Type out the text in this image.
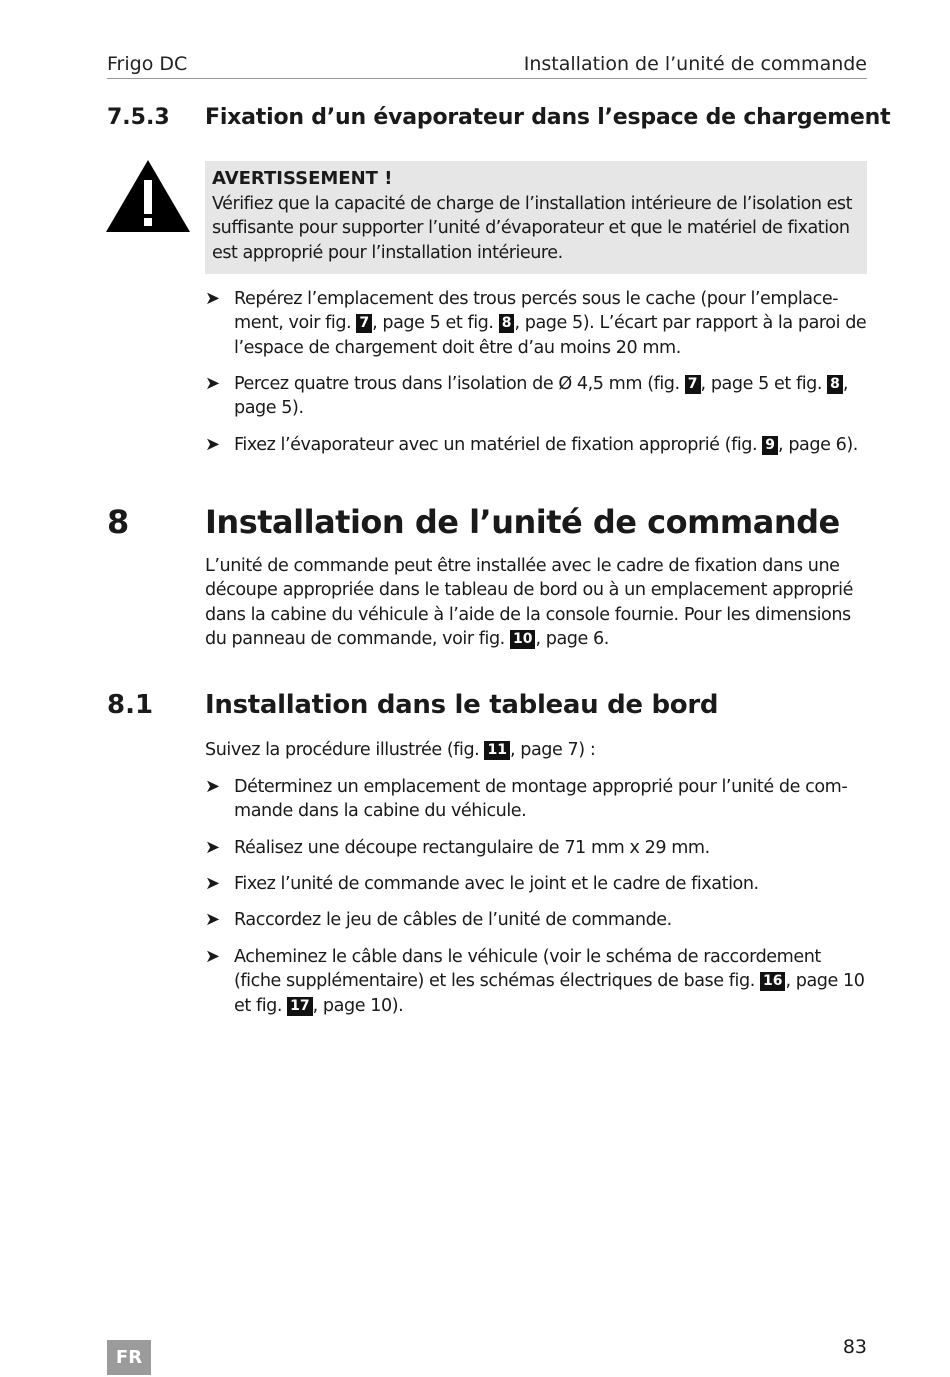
Frigo DC	Installation de l’unité de commande
7.5.3 Fixation d’un évaporateur dans l’espace de chargement
AVERTISSEMENT !
Vérifiez que la capacité de charge de l’installation intérieure de l’isolation est suffisante pour supporter l’unité d’évaporateur et que le matériel de fixation est approprié pour l’installation intérieure.
➤ Repérez l’emplacement des trous percés sous le cache (pour l’emplace-ment, voir fig. 7 , page 5 et fig. 8 , page 5). L’écart par rapport à la paroi de l’espace de chargement doit être d’au moins 20 mm.
➤ Percez quatre trous dans l’isolation de Ø 4,5 mm (fig. 7 , page 5 et fig. 8 , page 5).
➤ Fixez l’évaporateur avec un matériel de fixation approprié (fig. 9 , page 6).
8 Installation de l’unité de commande
L’unité de commande peut être installée avec le cadre de fixation dans une découpe appropriée dans le tableau de bord ou à un emplacement approprié dans la cabine du véhicule à l’aide de la console fournie. Pour les dimensions du panneau de commande, voir fig. 10 , page 6.
8.1 Installation dans le tableau de bord
Suivez la procédure illustrée (fig. 11 , page 7) :
➤ Déterminez un emplacement de montage approprié pour l’unité de com-mande dans la cabine du véhicule.
➤ Réalisez une découpe rectangulaire de 71 mm x 29 mm.
➤ Fixez l’unité de commande avec le joint et le cadre de fixation.
➤ Raccordez le jeu de câbles de l’unité de commande.
➤ Acheminez le câble dans le véhicule (voir le schéma de raccordement (fiche supplémentaire) et les schémas électriques de base fig. 16 , page 10 et fig. 17 , page 10).
FR	83
